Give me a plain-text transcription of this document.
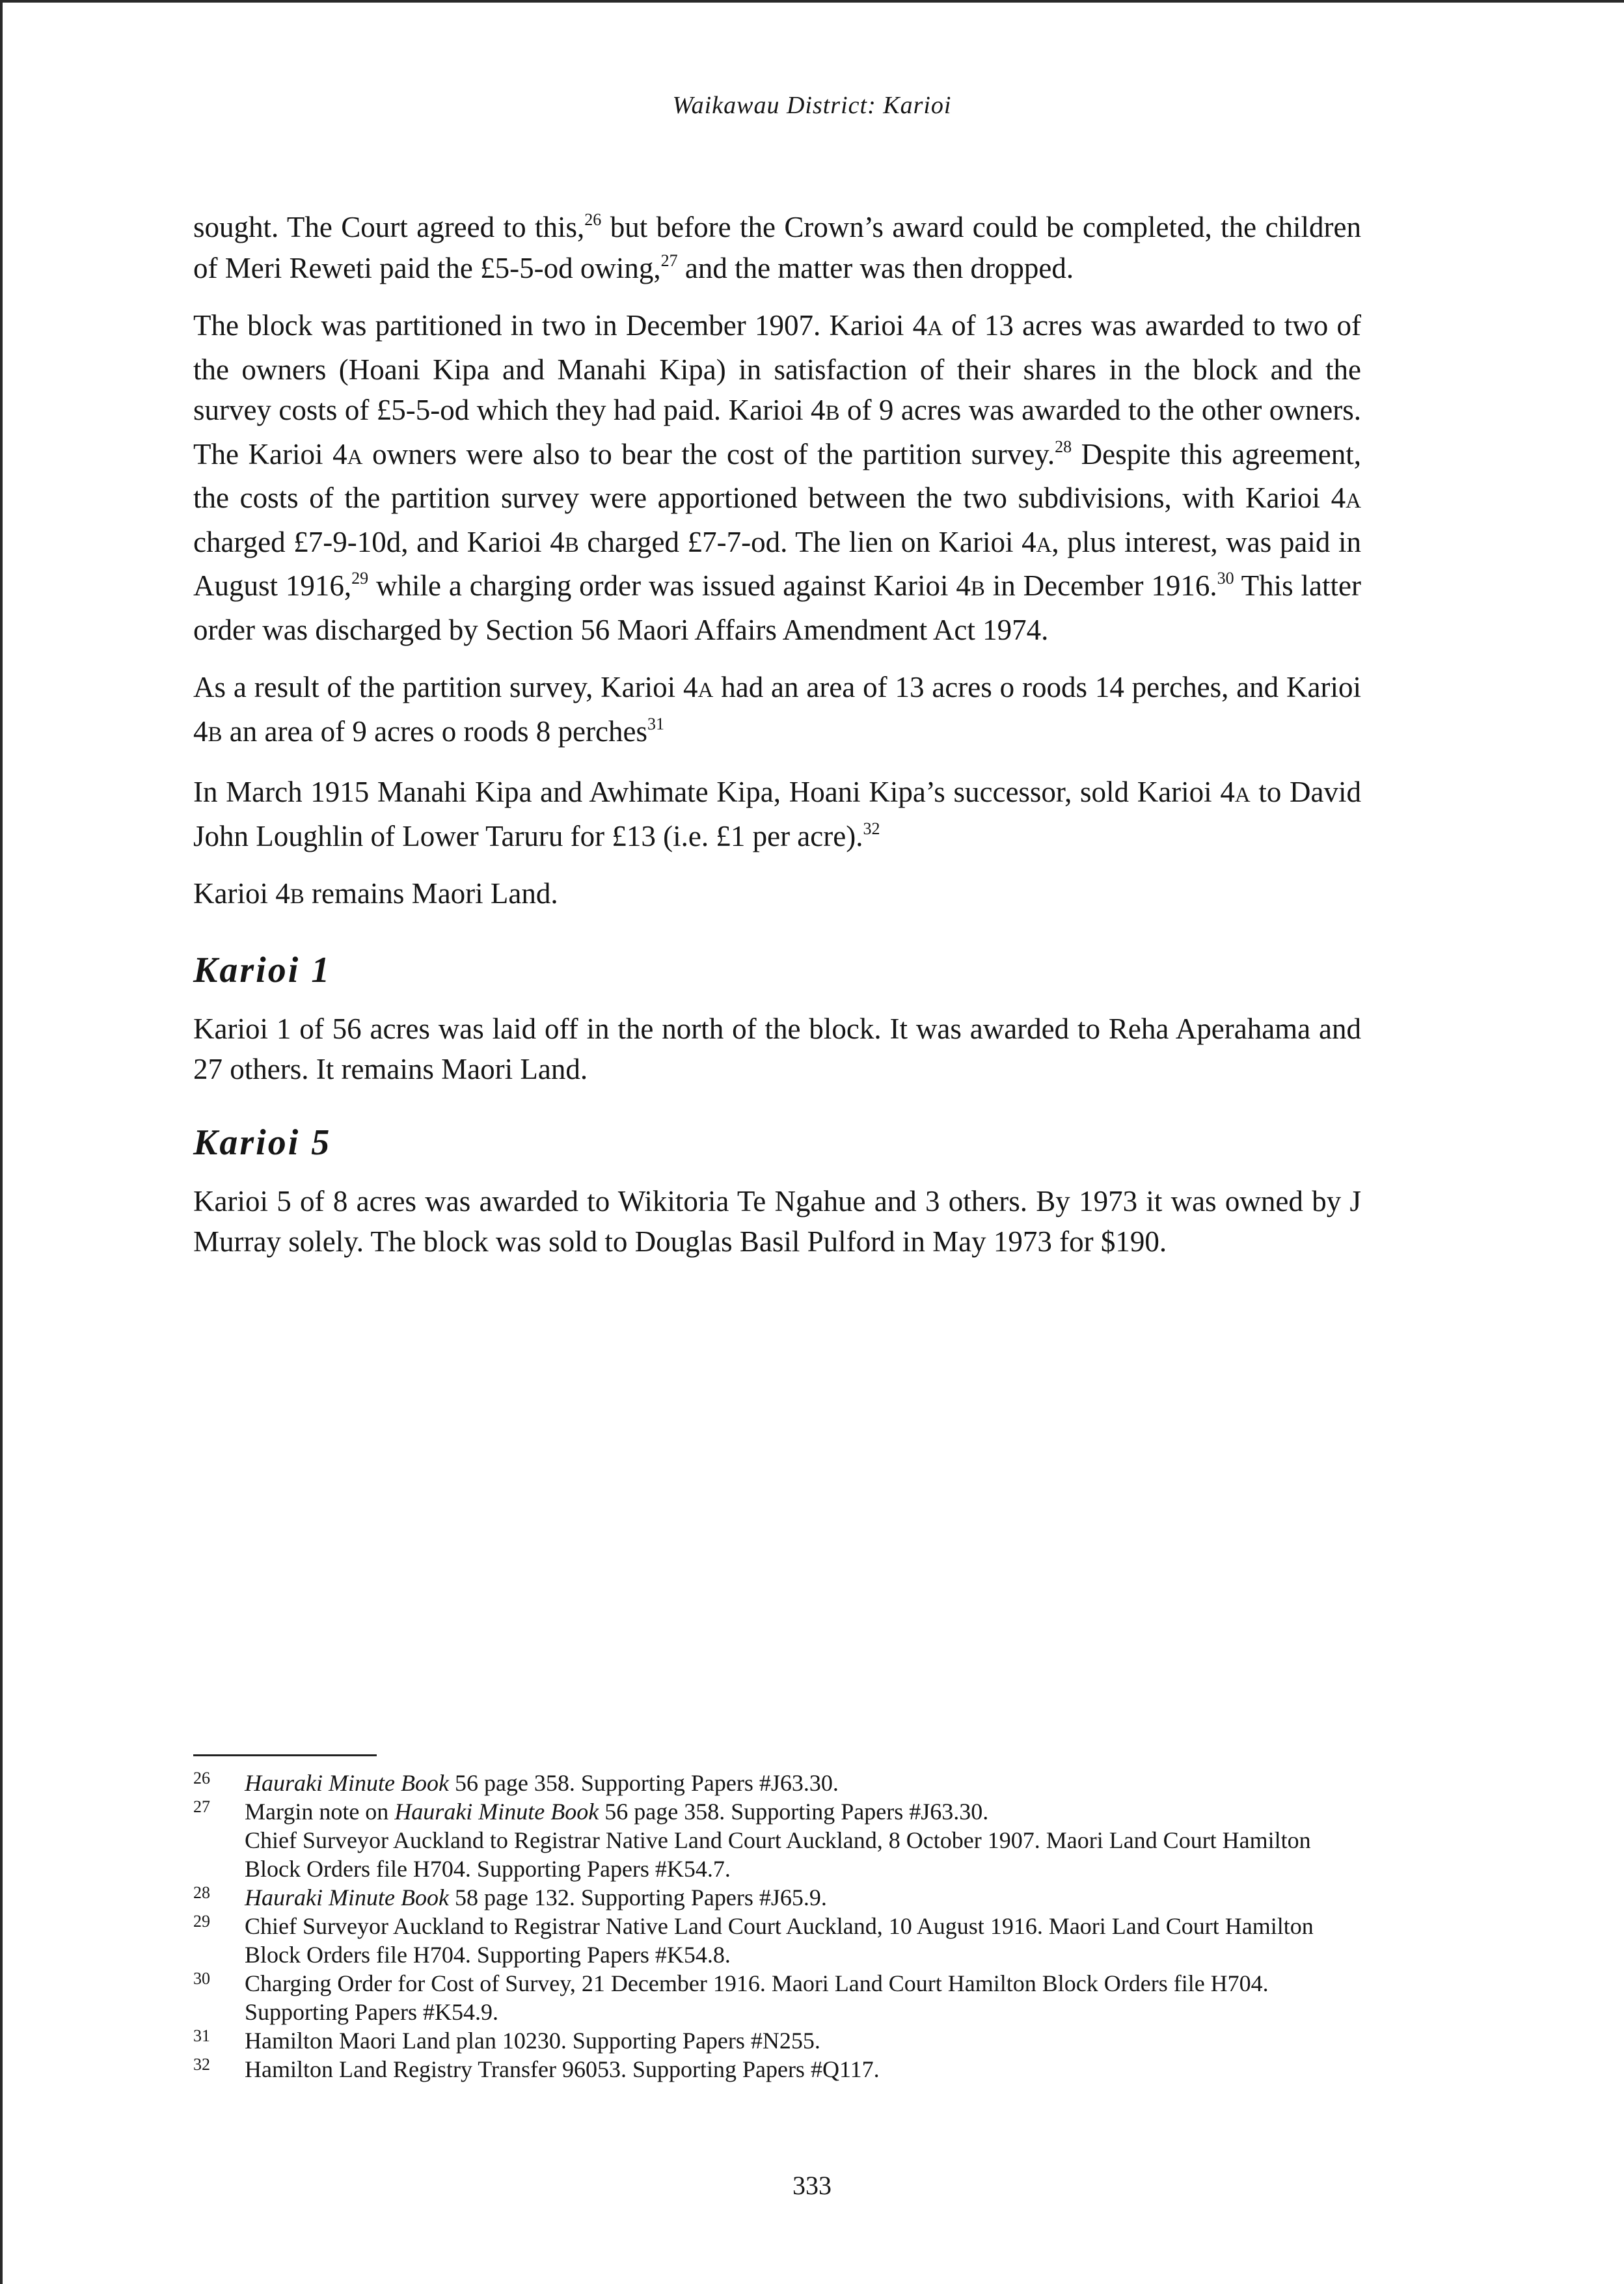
Waikawau District: Karioi

sought. The Court agreed to this,$^{26}$ but before the Crown’s award could be completed, the children of Meri Reweti paid the £5-5-od owing,$^{27}$ and the matter was then dropped.

The block was partitioned in two in December 1907. Karioi 4A of 13 acres was awarded to two of the owners (Hoani Kipa and Manahi Kipa) in satisfaction of their shares in the block and the survey costs of £5-5-od which they had paid. Karioi 4B of 9 acres was awarded to the other owners. The Karioi 4A owners were also to bear the cost of the partition survey.$^{28}$ Despite this agreement, the costs of the partition survey were apportioned between the two subdivisions, with Karioi 4A charged £7-9-10d, and Karioi 4B charged £7-7-od. The lien on Karioi 4A, plus interest, was paid in August 1916,29 while a charging order was issued against Karioi 4B in December 1916.30 This latter order was discharged by Section 56 Maori Affairs Amendment Act 1974.

As a result of the partition survey, Karioi 4A had an area of 13 acres o roods 14 perches, and Karioi 4B an area of 9 acres o roods 8 perches$^{31}$

In March 1915 Manahi Kipa and Awhimate Kipa, Hoani Kipa’s successor, sold Karioi 4A to David John Loughlin of Lower Taruru for £13 (i.e. £1 per acre).$^{32}$

Karioi 4B remains Maori Land.

Karioi 1

Karioi 1 of 56 acres was laid off in the north of the block. It was awarded to Reha Aperahama and 27 others. It remains Maori Land.

Karioi 5

Karioi 5 of 8 acres was awarded to Wikitoria Te Ngahue and 3 others. By 1973 it was owned by J Murray solely. The block was sold to Douglas Basil Pulford in May 1973 for $190.

26	Hauraki Minute Book 56 page 358. Supporting Papers #J63.30.
27	Margin note on Hauraki Minute Book 56 page 358. Supporting Papers #J63.30.
Chief Surveyor Auckland to Registrar Native Land Court Auckland, 8 October 1907. Maori Land Court Hamilton Block Orders file H704. Supporting Papers #K54.7.
28	Hauraki Minute Book 58 page 132. Supporting Papers #J65.9.
29	Chief Surveyor Auckland to Registrar Native Land Court Auckland, 10 August 1916. Maori Land Court Hamilton Block Orders file H704. Supporting Papers #K54.8.
30	Charging Order for Cost of Survey, 21 December 1916. Maori Land Court Hamilton Block Orders file H704. Supporting Papers #K54.9.
31	Hamilton Maori Land plan 10230. Supporting Papers #N255.
32	Hamilton Land Registry Transfer 96053. Supporting Papers #Q117.
333
